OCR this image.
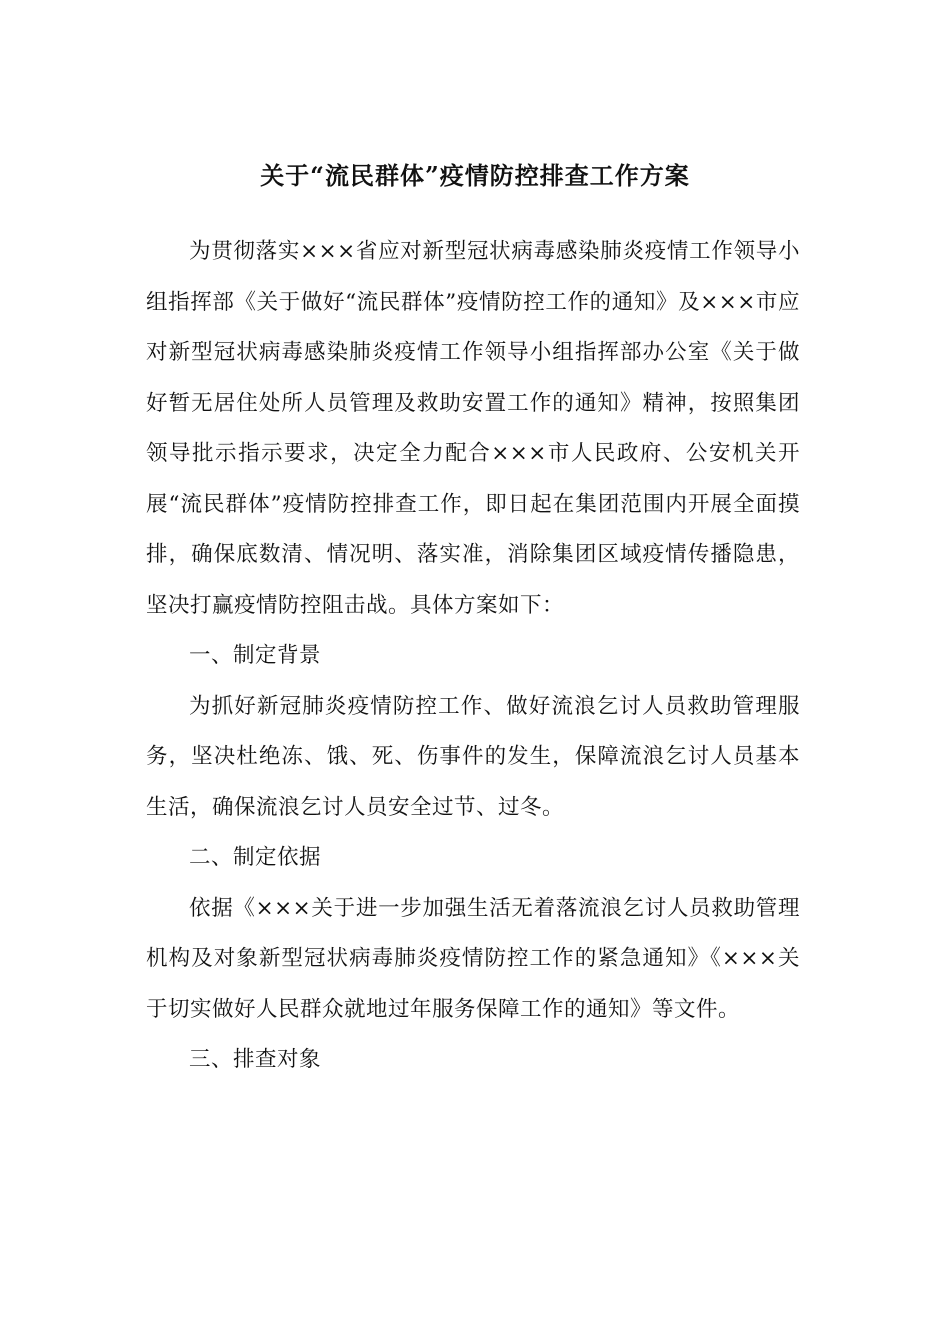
关于“流民群体”疫情防控排查工作方案

为贯彻落实×××省应对新型冠状病毒感染肺炎疫情工作领导小组指挥部《关于做好“流民群体”疫情防控工作的通知》及×××市应对新型冠状病毒感染肺炎疫情工作领导小组指挥部办公室《关于做好暂无居住处所人员管理及救助安置工作的通知》精神，按照集团领导批示指示要求，决定全力配合×××市人民政府、公安机关开展“流民群体”疫情防控排查工作，即日起在集团范围内开展全面摸排，确保底数清、情况明、落实准，消除集团区域疫情传播隐患，坚决打赢疫情防控阻击战。具体方案如下：

一、制定背景

为抓好新冠肺炎疫情防控工作、做好流浪乞讨人员救助管理服务，坚决杜绝冻、饿、死、伤事件的发生，保障流浪乞讨人员基本生活，确保流浪乞讨人员安全过节、过冬。

二、制定依据

依据《×××关于进一步加强生活无着落流浪乞讨人员救助管理机构及对象新型冠状病毒肺炎疫情防控工作的紧急通知》《×××关于切实做好人民群众就地过年服务保障工作的通知》等文件。

三、排查对象
